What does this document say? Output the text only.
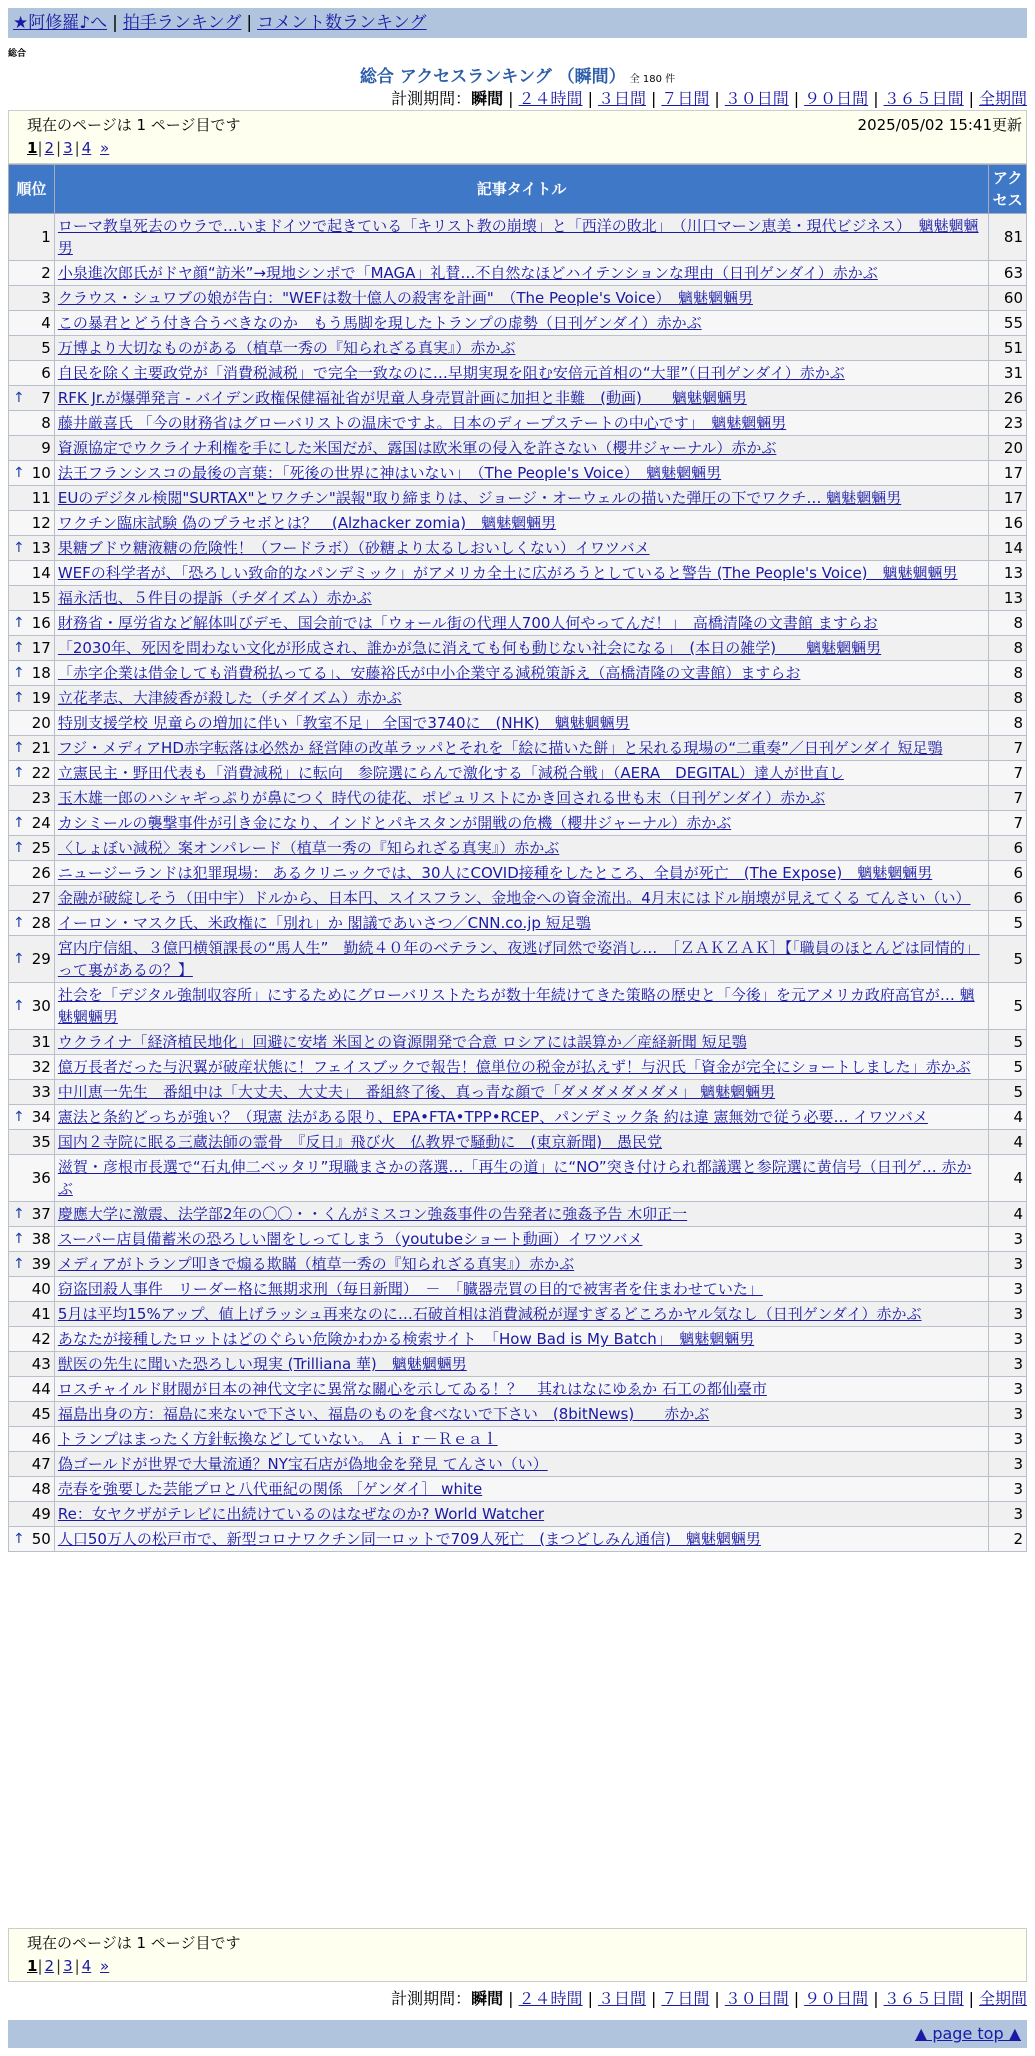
★阿修羅♪へ | 拍手ランキング | コメント数ランキング
総合
総合 アクセスランキング （瞬間） 全 180 件
計測期間：瞬間 | ２４時間 | ３日間 | ７日間 | ３０日間 | ９０日間 | ３６５日間 | 全期間
現在のページは 1 ページ目です	2025/05/02 15:41更新
1| 2 | 3 | 4 »
順位	記事タイトル	アクセス
1	ローマ教皇死去のウラで…いまドイツで起きている「キリスト教の崩壊」と「西洋の敗北」　（川口マーン恵美・現代ビジネス）　魑魅魍魎男	81
2	小泉進次郎氏がドヤ顔“訪米”→現地シンポで「MAGA」礼賛…不自然なほどハイテンションな理由（日刊ゲンダイ）赤かぶ	63
3	クラウス・シュワブの娘が告白："WEFは数十億人の殺害を計画"　（The People's Voice）　魑魅魍魎男	60
4	この暴君とどう付き合うべきなのか　もう馬脚を現したトランプの虚勢（日刊ゲンダイ）赤かぶ	55
5	万博より大切なものがある（植草一秀の『知られざる真実』）赤かぶ	51
6	自民を除く主要政党が「消費税減税」で完全一致なのに…早期実現を阻む安倍元首相の“大罪”（日刊ゲンダイ）赤かぶ	31

↑ 7	RFK Jr.が爆弾発言 - バイデン政権保健福祉省が児童人身売買計画に加担と非難　(動画)　　魑魅魍魎男	26
8	藤井厳喜氏 「今の財務省はグローバリストの温床ですよ。日本のディープステートの中心です」　魑魅魍魎男	23
9	資源協定でウクライナ利権を手にした米国だが、露国は欧米軍の侵入を許さない（櫻井ジャーナル）赤かぶ	20

↑ 10	法王フランシスコの最後の言葉：「死後の世界に神はいない」　（The People's Voice）　魑魅魍魎男	17
11	EUのデジタル検閲"SURTAX"とワクチン"誤報"取り締まりは、ジョージ・オーウェルの描いた弾圧の下でワクチ… 魑魅魍魎男	17
12	ワクチン臨床試験 偽のプラセボとは？　(Alzhacker zomia)　魑魅魍魎男	16

↑ 13	果糖ブドウ糖液糖の危険性！（フードラボ）（砂糖より太るしおいしくない）イワツバメ	14
14	WEFの科学者が、「恐ろしい致命的なパンデミック」がアメリカ全土に広がろうとしていると警告 (The People's Voice)　魑魅魍魎男	13
15	福永活也、５件目の提訴（チダイズム）赤かぶ	13

↑ 16	財務省・厚労省など解体叫びデモ、国会前では「ウォール街の代理人700人何やってんだ！」　高橋清隆の文書館 ますらお	8

↑ 17	「2030年、死因を問わない文化が形成され、誰かが急に消えても何も動じない社会になる」　(本日の雑学)　　魑魅魍魎男	8

↑ 18	「赤字企業は借金しても消費税払ってる」、安藤裕氏が中小企業守る減税策訴え（高橋清隆の文書館）ますらお	8

↑ 19	立花孝志、大津綾香が殺した（チダイズム）赤かぶ	8
20	特別支援学校 児童らの増加に伴い「教室不足」 全国で3740に　(NHK)　魑魅魍魎男	8

↑ 21	フジ・メディアHD赤字転落は必然か 経営陣の改革ラッパとそれを「絵に描いた餅」と呆れる現場の“二重奏”／日刊ゲンダイ 短足鶚	7

↑ 22	立憲民主・野田代表も「消費減税」に転向　参院選にらんで激化する「減税合戦」（AERA　DEGITAL）達人が世直し	7
23	玉木雄一郎のハシャギっぷりが鼻につく 時代の徒花、ポピュリストにかき回される世も末（日刊ゲンダイ）赤かぶ	7

↑ 24	カシミールの襲撃事件が引き金になり、インドとパキスタンが開戦の危機（櫻井ジャーナル）赤かぶ	7

↑ 25	〈しょぼい減税〉案オンパレード（植草一秀の『知られざる真実』）赤かぶ	6
26	ニュージーランドは犯罪現場： あるクリニックでは、30人にCOVID接種をしたところ、全員が死亡　(The Expose)　魑魅魍魎男	6
27	金融が破綻しそう（田中宇）ドルから、日本円、スイスフラン、金地金への資金流出。4月末にはドル崩壊が見えてくる てんさい（い）	6

↑ 28	イーロン・マスク氏、米政権に「別れ」か 閣議であいさつ／CNN.co.jp 短足鶚	5

↑ 29	宮内庁信組、３億円横領課長の“馬人生”　勤続４０年のベテラン、夜逃げ同然で姿消し…　［ＺＡＫＺＡＫ］【「職員のほとんどは同情的」って裏があるの？】	5

↑ 30	社会を「デジタル強制収容所」にするためにグローバリストたちが数十年続けてきた策略の歴史と「今後」を元アメリカ政府高官が… 魑魅魍魎男	5
31	ウクライナ「経済植民地化」回避に安堵 米国との資源開発で合意 ロシアには誤算か／産経新聞 短足鶚	5
32	億万長者だった与沢翼が破産状態に！フェイスブックで報告！億単位の税金が払えず！与沢氏「資金が完全にショートしました」赤かぶ	5
33	中川恵一先生　番組中は「大丈夫、大丈夫」　番組終了後、真っ青な顔で「ダメダメダメダメ」 魑魅魍魎男	5

↑ 34	憲法と条約どっちが強い？（現憲 法がある限り、EPA•FTA•TPP•RCEP、パンデミック条 約は違 憲無効で従う必要… イワツバメ	4
35	国内２寺院に眠る三蔵法師の霊骨　『反日』飛び火　仏教界で騒動に　(東京新聞)　愚民党	4
36	滋賀・彦根市長選で“石丸伸二ベッタリ”現職まさかの落選…「再生の道」に“NO”突き付けられ都議選と参院選に黄信号（日刊ゲ… 赤かぶ	4

↑ 37	慶應大学に激震、法学部2年の〇〇・・くんがミスコン強姦事件の告発者に強姦予告 木卯正一	4

↑ 38	スーパー店員備蓄米の恐ろしい闇をしってしまう（youtubeショート動画）イワツバメ	3

↑ 39	メディアがトランプ叩きで煽る欺瞞（植草一秀の『知られざる真実』）赤かぶ	3
40	窃盗団殺人事件　リーダー格に無期求刑（毎日新聞）　－　「臓器売買の目的で被害者を住まわせていた」	3
41	5月は平均15%アップ、値上げラッシュ再来なのに…石破首相は消費減税が遅すぎるどころかヤル気なし（日刊ゲンダイ）赤かぶ	3
42	あなたが接種したロットはどのぐらい危険かわかる検索サイト　「How Bad is My Batch」　魑魅魍魎男	3
43	獣医の先生に聞いた恐ろしい現実 (Trilliana 華)　魑魅魍魎男	3
44	ロスチャイルド財閥が日本の神代文字に異常な關心を示してゐる！？　其れはなにゆゑか 石工の都仙臺市	3
45	福島出身の方：福島に来ないで下さい、福島のものを食べないで下さい　(8bitNews)　　赤かぶ	3
46	トランプはまったく方針転換などしていない。 Ａｉｒ－Ｒｅａｌ	3
47	偽ゴールドが世界で大量流通？NY宝石店が偽地金を発見 てんさい（い）	3
48	売春を強要した芸能プロと八代亜紀の関係 ［ゲンダイ］ white	3
49	Re：女ヤクザがテレビに出続けているのはなぜなのか? World Watcher	3

↑ 50	人口50万人の松戸市で、新型コロナワクチン同一ロットで709人死亡　(まつどしみん通信)　魑魅魍魎男	2
現在のページは 1 ページ目です
1| 2 | 3 | 4 »
計測期間：瞬間 | ２４時間 | ３日間 | ７日間 | ３０日間 | ９０日間 | ３６５日間 | 全期間
▲ page top ▲
